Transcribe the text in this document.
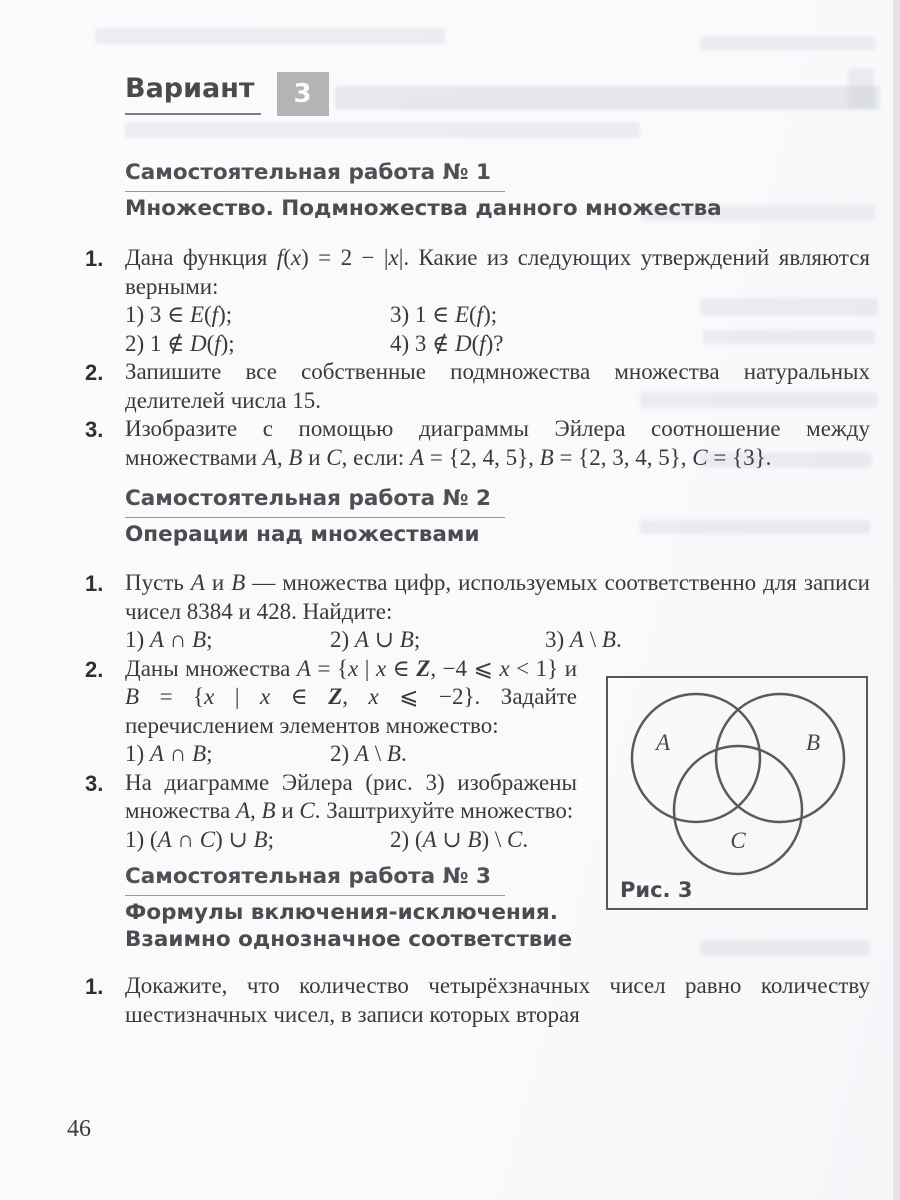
Вариант	3
Самостоятельная работа № 1

Множество. Подмножества данного множества
1. Дана функция f(x) = 2 − |x|. Какие из следующих утверждений являются верными:

1) 3 ∈ E(f);	3) 1 ∈ E(f);
2) 1 ∉ D(f);	4) 3 ∉ D(f)?
2. Запишите все собственные подмножества множества натуральных делителей числа 15.

3. Изобразите с помощью диаграммы Эйлера соотношение между множествами A, B и C, если: A = {2, 4, 5}, B = {2, 3, 4, 5}, C = {3}.

Самостоятельная работа № 2

Операции над множествами
1. Пусть A и B — множества цифр, используемых соответственно для записи чисел 8384 и 428. Найдите:

1) A ∩ B;	2) A ∪ B;	3) A \ B.
2. Даны множества A = {x | x ∈ Z, −4 ⩽ x < 1} и B = {x | x ∈ Z, x ⩽ −2}. Задайте перечислением элементов множество:

1) A ∩ B;	2) A \ B.
3. На диаграмме Эйлера (рис. 3) изображены множества A, B и C. Заштрихуйте множество:

1) (A ∩ C) ∪ B;	2) (A ∪ B) \ C.
Самостоятельная работа № 3

Формулы включения-исключения.
Взаимно однозначное соответствие
1. Докажите, что количество четырёхзначных чисел равно количеству шестизначных чисел, в записи которых вторая

A	B
C
Рис. 3
46
